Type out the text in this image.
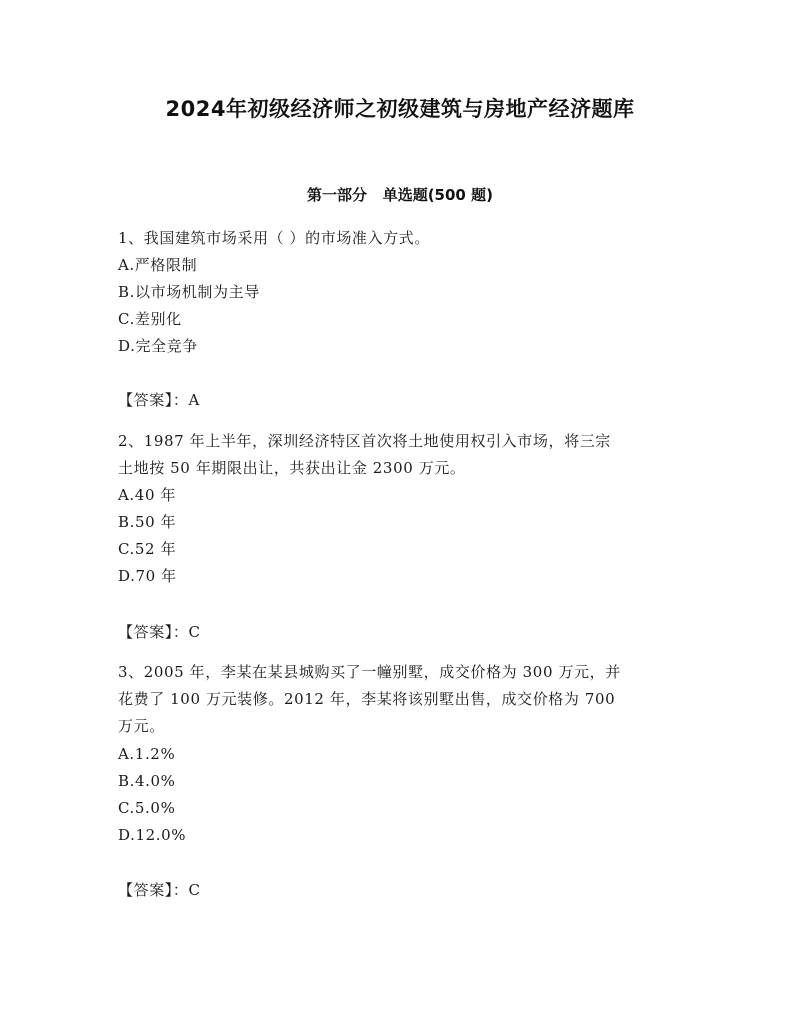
2024年初级经济师之初级建筑与房地产经济题库
第一部分   单选题(500 题)
1、我国建筑市场采用（ ）的市场准入方式。
A.严格限制
B.以市场机制为主导
C.差别化
D.完全竞争
【答案】：A
2、1987 年上半年，深圳经济特区首次将土地使用权引入市场，将三宗
土地按 50 年期限出让，共获出让金 2300 万元。
A.40 年
B.50 年
C.52 年
D.70 年
【答案】：C
3、2005 年，李某在某县城购买了一幢别墅，成交价格为 300 万元，并
花费了 100 万元装修。2012 年，李某将该别墅出售，成交价格为 700
万元。
A.1.2%
B.4.0%
C.5.0%
D.12.0%
【答案】：C
